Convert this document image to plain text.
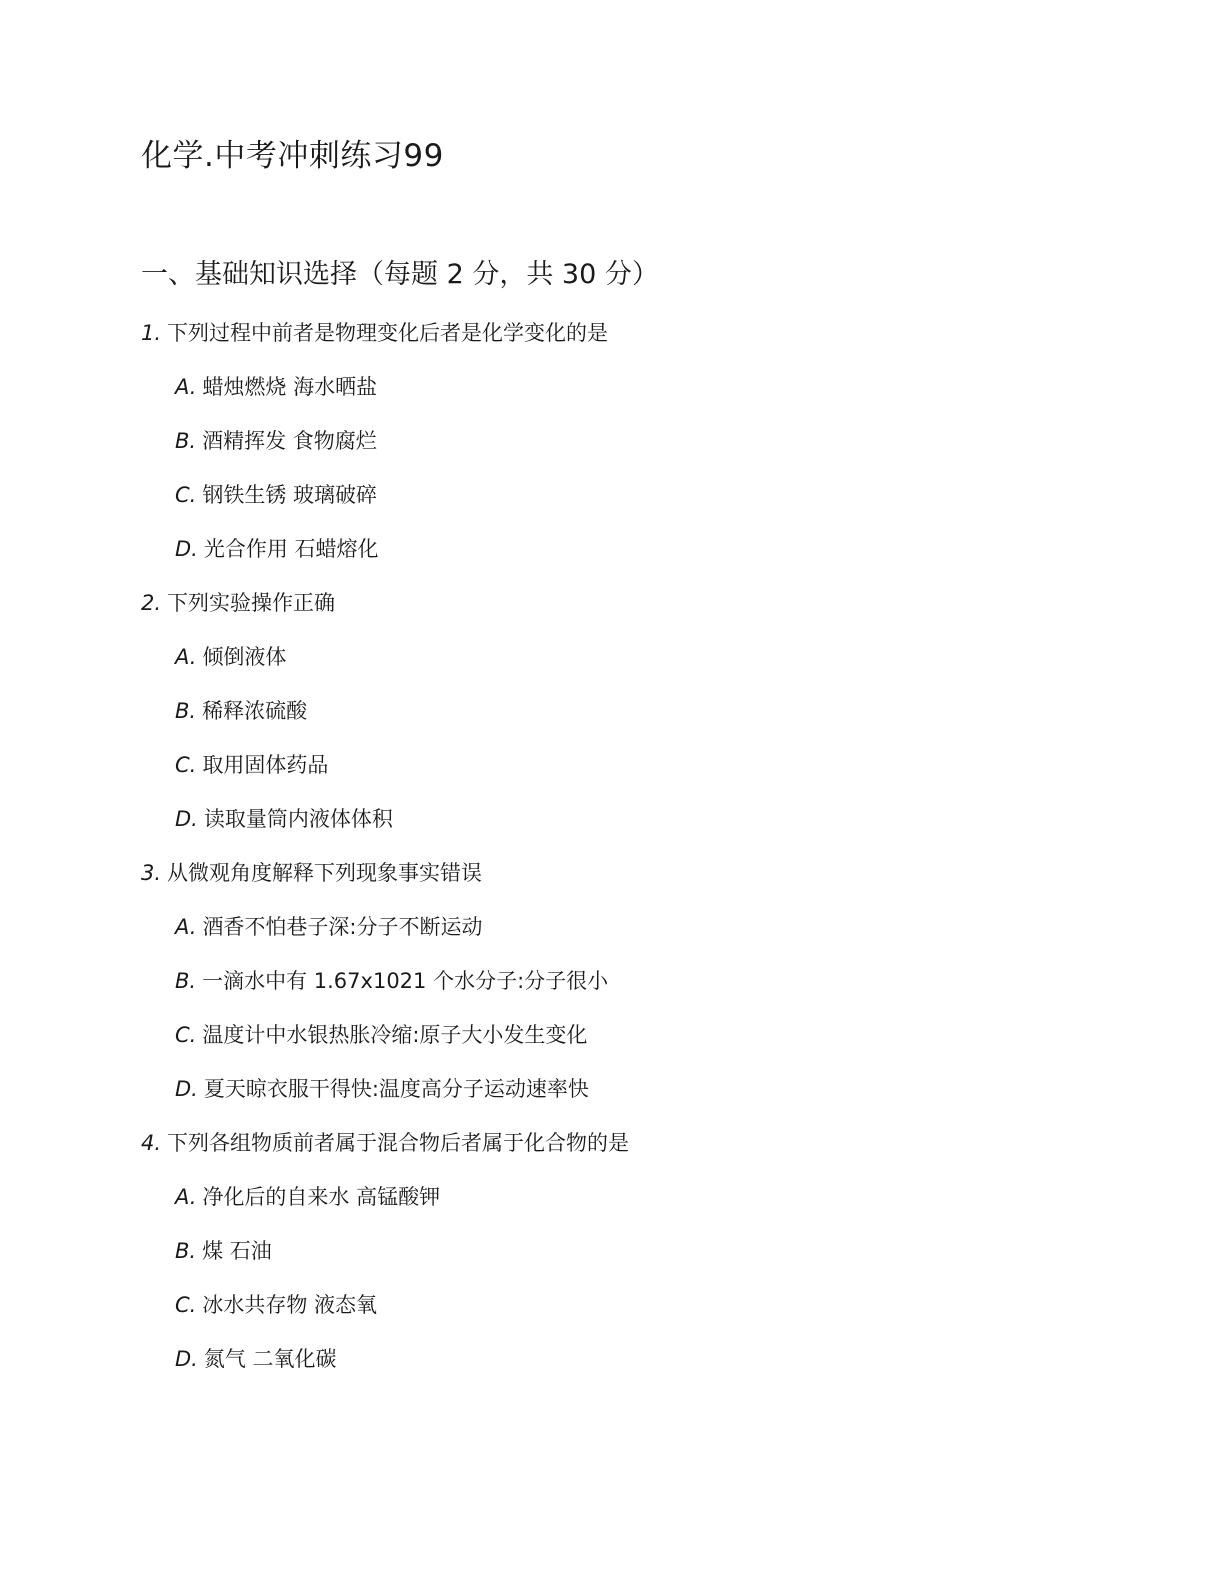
化学.中考冲刺练习99
一、基础知识选择（每题 2 分，共 30 分）
1. 下列过程中前者是物理变化后者是化学变化的是
A. 蜡烛燃烧 海水晒盐
B. 酒精挥发 食物腐烂
C. 钢铁生锈 玻璃破碎
D. 光合作用 石蜡熔化
2. 下列实验操作正确
A. 倾倒液体
B. 稀释浓硫酸
C. 取用固体药品
D. 读取量筒内液体体积
3. 从微观角度解释下列现象事实错误
A. 酒香不怕巷子深:分子不断运动
B. 一滴水中有 1.67x1021 个水分子:分子很小
C. 温度计中水银热胀冷缩:原子大小发生变化
D. 夏天晾衣服干得快:温度高分子运动速率快
4. 下列各组物质前者属于混合物后者属于化合物的是
A. 净化后的自来水 高锰酸钾
B. 煤 石油
C. 冰水共存物 液态氧
D. 氮气 二氧化碳
